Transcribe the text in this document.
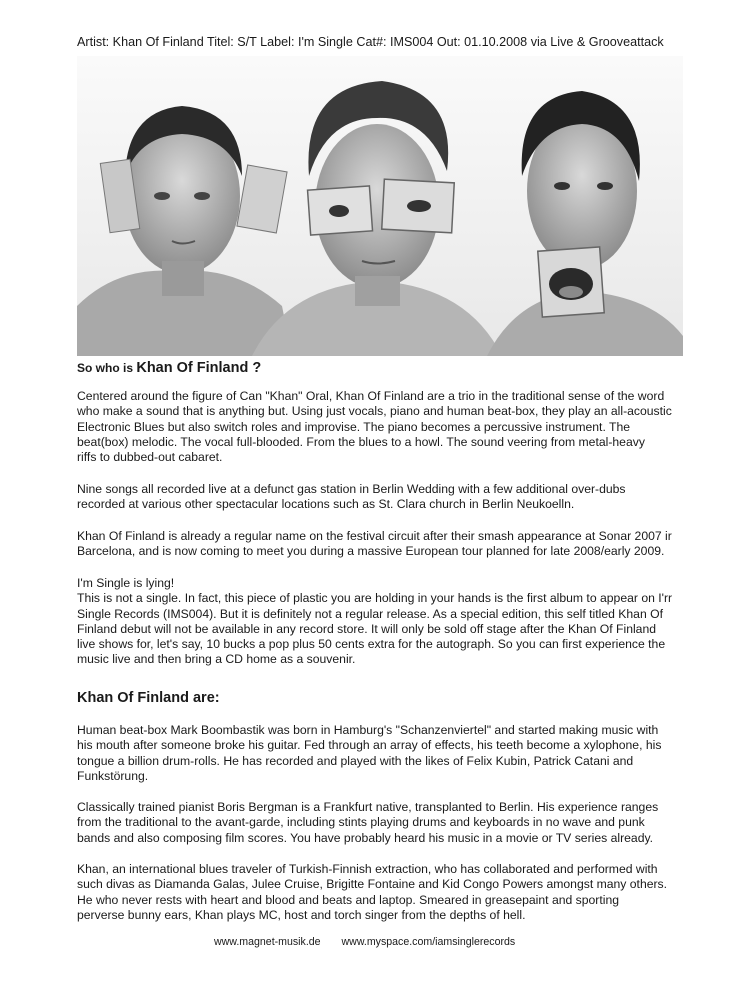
Artist: Khan Of Finland Titel: S/T Label: I'm Single Cat#: IMS004 Out: 01.10.2008 via Live & Grooveattack
So who is Khan Of Finland ?

Centered around the figure of Can "Khan" Oral, Khan Of Finland are a trio in the traditional sense of the word
who make a sound that is anything but. Using just vocals, piano and human beat-box, they play an all-acoustic
Electronic Blues but also switch roles and improvise. The piano becomes a percussive instrument. The
beat(box) melodic. The vocal full-blooded. From the blues to a howl. The sound veering from metal-heavy
riffs to dubbed-out cabaret.

Nine songs all recorded live at a defunct gas station in Berlin Wedding with a few additional over-dubs
recorded at various other spectacular locations such as St. Clara church in Berlin Neukoelln.

Khan Of Finland is already a regular name on the festival circuit after their smash appearance at Sonar 2007 ir
Barcelona, and is now coming to meet you during a massive European tour planned for late 2008/early 2009.

I'm Single is lying!
This is not a single. In fact, this piece of plastic you are holding in your hands is the first album to appear on I'rr
Single Records (IMS004). But it is definitely not a regular release. As a special edition, this self titled Khan Of
Finland debut will not be available in any record store. It will only be sold off stage after the Khan Of Finland
live shows for, let's say, 10 bucks a pop plus 50 cents extra for the autograph. So you can first experience the
music live and then bring a CD home as a souvenir.

Khan Of Finland are:

Human beat-box Mark Boombastik was born in Hamburg's "Schanzenviertel" and started making music with
his mouth after someone broke his guitar. Fed through an array of effects, his teeth become a xylophone, his
tongue a billion drum-rolls. He has recorded and played with the likes of Felix Kubin, Patrick Catani and
Funkstörung.

Classically trained pianist Boris Bergman is a Frankfurt native, transplanted to Berlin. His experience ranges
from the traditional to the avant-garde, including stints playing drums and keyboards in no wave and punk
bands and also composing film scores. You have probably heard his music in a movie or TV series already.

Khan, an international blues traveler of Turkish-Finnish extraction, who has collaborated and performed with
such divas as Diamanda Galas, Julee Cruise, Brigitte Fontaine and Kid Congo Powers amongst many others.
He who never rests with heart and blood and beats and laptop. Smeared in greasepaint and sporting
perverse bunny ears, Khan plays MC, host and torch singer from the depths of hell.

www.magnet-musik.de www.myspace.com/iamsinglerecords
